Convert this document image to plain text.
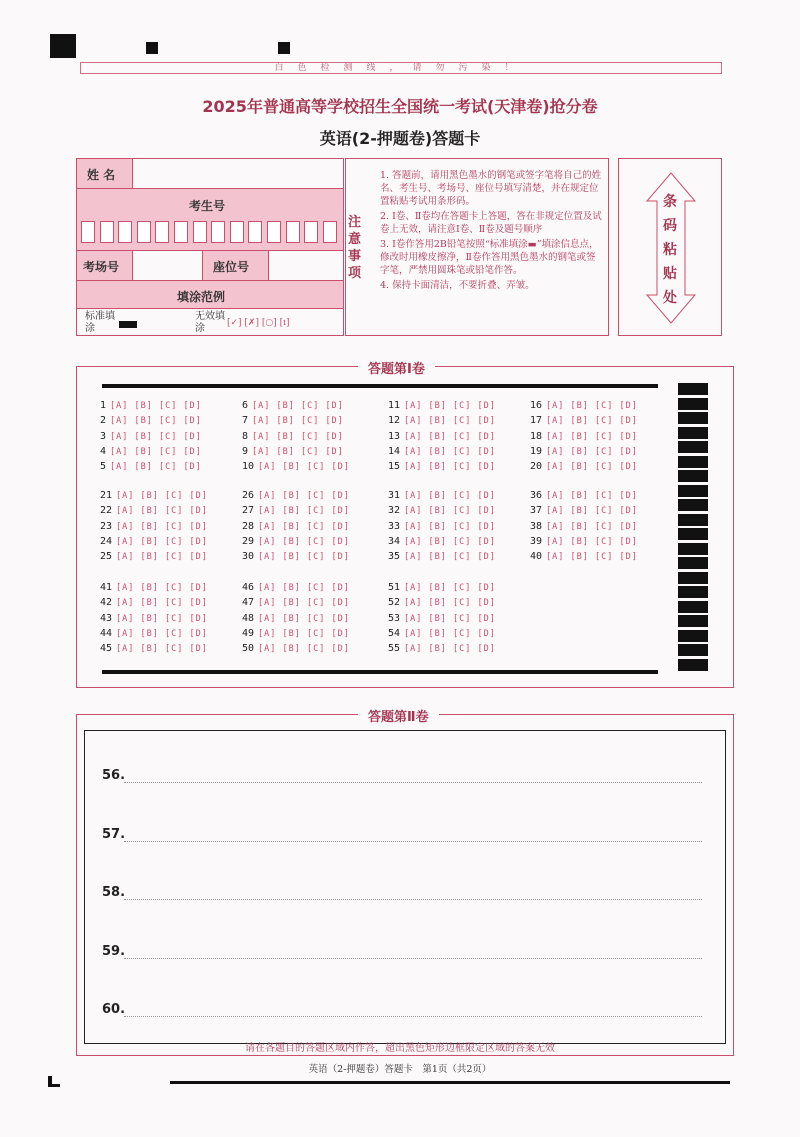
白色检测线，请勿污染！
2025年普通高等学校招生全国统一考试(天津卷)抢分卷
英语(2-押题卷)答题卡
姓 名
考生号
考场号	座位号
填涂范例
标准填涂
无效填涂	[✓] [✗] [○] [ı]
1. 答题前，请用黑色墨水的钢笔或签字笔将自己的姓名、考生号、考场号、座位号填写清楚，并在规定位置粘贴考试用条形码。
2. Ⅰ卷、Ⅱ卷均在答题卡上答题，答在非规定位置及试卷上无效，请注意Ⅰ卷、Ⅱ卷及题号顺序
3. Ⅰ卷作答用2B铅笔按照“标准填涂▬”填涂信息点，修改时用橡皮擦净，Ⅱ卷作答用黑色墨水的钢笔或签字笔，严禁用圆珠笔或铅笔作答。
4. 保持卡面清洁，不要折叠、弄皱。
注意事项
条码粘贴处
答题第Ⅰ卷
1 [A] [B] [C] [D]
2 [A] [B] [C] [D]
3 [A] [B] [C] [D]
4 [A] [B] [C] [D]
5 [A] [B] [C] [D]
6 [A] [B] [C] [D]
7 [A] [B] [C] [D]
8 [A] [B] [C] [D]
9 [A] [B] [C] [D]
10 [A] [B] [C] [D]
11 [A] [B] [C] [D]
12 [A] [B] [C] [D]
13 [A] [B] [C] [D]
14 [A] [B] [C] [D]
15 [A] [B] [C] [D]
16 [A] [B] [C] [D]
17 [A] [B] [C] [D]
18 [A] [B] [C] [D]
19 [A] [B] [C] [D]
20 [A] [B] [C] [D]
21 [A] [B] [C] [D]
22 [A] [B] [C] [D]
23 [A] [B] [C] [D]
24 [A] [B] [C] [D]
25 [A] [B] [C] [D]
26 [A] [B] [C] [D]
27 [A] [B] [C] [D]
28 [A] [B] [C] [D]
29 [A] [B] [C] [D]
30 [A] [B] [C] [D]
31 [A] [B] [C] [D]
32 [A] [B] [C] [D]
33 [A] [B] [C] [D]
34 [A] [B] [C] [D]
35 [A] [B] [C] [D]
36 [A] [B] [C] [D]
37 [A] [B] [C] [D]
38 [A] [B] [C] [D]
39 [A] [B] [C] [D]
40 [A] [B] [C] [D]
41 [A] [B] [C] [D]
42 [A] [B] [C] [D]
43 [A] [B] [C] [D]
44 [A] [B] [C] [D]
45 [A] [B] [C] [D]
46 [A] [B] [C] [D]
47 [A] [B] [C] [D]
48 [A] [B] [C] [D]
49 [A] [B] [C] [D]
50 [A] [B] [C] [D]
51 [A] [B] [C] [D]
52 [A] [B] [C] [D]
53 [A] [B] [C] [D]
54 [A] [B] [C] [D]
55 [A] [B] [C] [D]
答题第Ⅱ卷
56.
57.
58.
59.
60.
请在各题目的答题区域内作答，超出黑色矩形边框限定区域的答案无效
英语（2-押题卷）答题卡　第1页（共2页）
